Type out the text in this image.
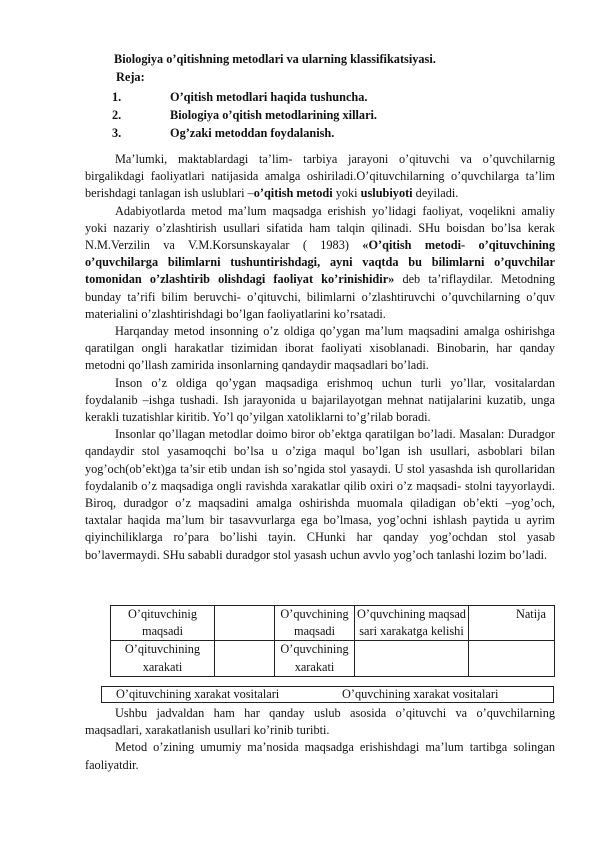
Biologiya o’qitishning metodlari va ularning klassifikatsiyasi.
Reja:
1.	O’qitish metodlari haqida tushuncha.
2.	Biologiya o’qitish metodlarining xillari.
3.	Og’zaki metoddan foydalanish.

Ma’lumki, maktablardagi ta’lim- tarbiya jarayoni o’qituvchi va o’quvchilarnig birgalikdagi faoliyatlari natijasida amalga oshiriladi.O’qituvchilarning o’quvchilarga ta’lim berishdagi tanlagan ish uslublari –o’qitish metodi yoki uslubiyoti deyiladi.

Adabiyotlarda metod ma’lum maqsadga erishish yo’lidagi faoliyat, voqelikni amaliy yoki nazariy o’zlashtirish usullari sifatida ham talqin qilinadi. SHu boisdan bo’lsa kerak N.M.Verzilin va V.M.Korsunskayalar ( 1983) «O’qitish metodi- o’qituvchining o’quvchilarga bilimlarni tushuntirishdagi, ayni vaqtda bu bilimlarni o’quvchilar tomonidan o’zlashtirib olishdagi faoliyat ko’rinishidir» deb ta’riflaydilar. Metodning bunday ta’rifi bilim beruvchi- o’qituvchi, bilimlarni o’zlashtiruvchi o’quvchilarning o’quv materialini o’zlashtirishdagi bo’lgan faoliyatlarini ko’rsatadi.

Harqanday metod insonning o’z oldiga qo’ygan ma’lum maqsadini amalga oshirishga qaratilgan ongli harakatlar tizimidan iborat faoliyati xisoblanadi. Binobarin, har qanday metodni qo’llash zamirida insonlarning qandaydir maqsadlari bo’ladi.

Inson o’z oldiga qo’ygan maqsadiga erishmoq uchun turli yo’llar, vositalardan foydalanib –ishga tushadi. Ish jarayonida u bajarilayotgan mehnat natijalarini kuzatib, unga kerakli tuzatishlar kiritib. Yo’l qo’yilgan xatoliklarni to’g’rilab boradi.

Insonlar qo’llagan metodlar doimo biror ob’ektga qaratilgan bo’ladi. Masalan: Duradgor qandaydir stol yasamoqchi bo’lsa u o’ziga maqul bo’lgan ish usullari, asboblari bilan yog’och(ob’ekt)ga ta’sir etib undan ish so’ngida stol yasaydi. U stol yasashda ish qurollaridan foydalanib o’z maqsadiga ongli ravishda xarakatlar qilib oxiri o’z maqsadi- stolni tayyorlaydi. Biroq, duradgor o’z maqsadini amalga oshirishda muomala qiladigan ob’ekti –yog’och, taxtalar haqida ma’lum bir tasavvurlarga ega bo’lmasa, yog’ochni ishlash paytida u ayrim qiyinchiliklarga ro’para bo’lishi tayin. CHunki har qanday yog’ochdan stol yasab bo’lavermaydi. SHu sababli duradgor stol yasash uchun avvlo yog’och tanlashi lozim bo’ladi.

O’qituvchinig maqsadi		O’quvchining maqsadi	O’quvchining maqsad sari xarakatga kelishi	Natija
O’qituvchining xarakati		O’quvchining xarakati		
O’qituvchining xarakat vositalari	O’quvchining xarakat vositalari

Ushbu jadvaldan ham har qanday uslub asosida o’qituvchi va o’quvchilarning maqsadlari, xarakatlanish usullari ko’rinib turibti.

Metod o’zining umumiy ma’nosida maqsadga erishishdagi ma’lum tartibga solingan faoliyatdir.
